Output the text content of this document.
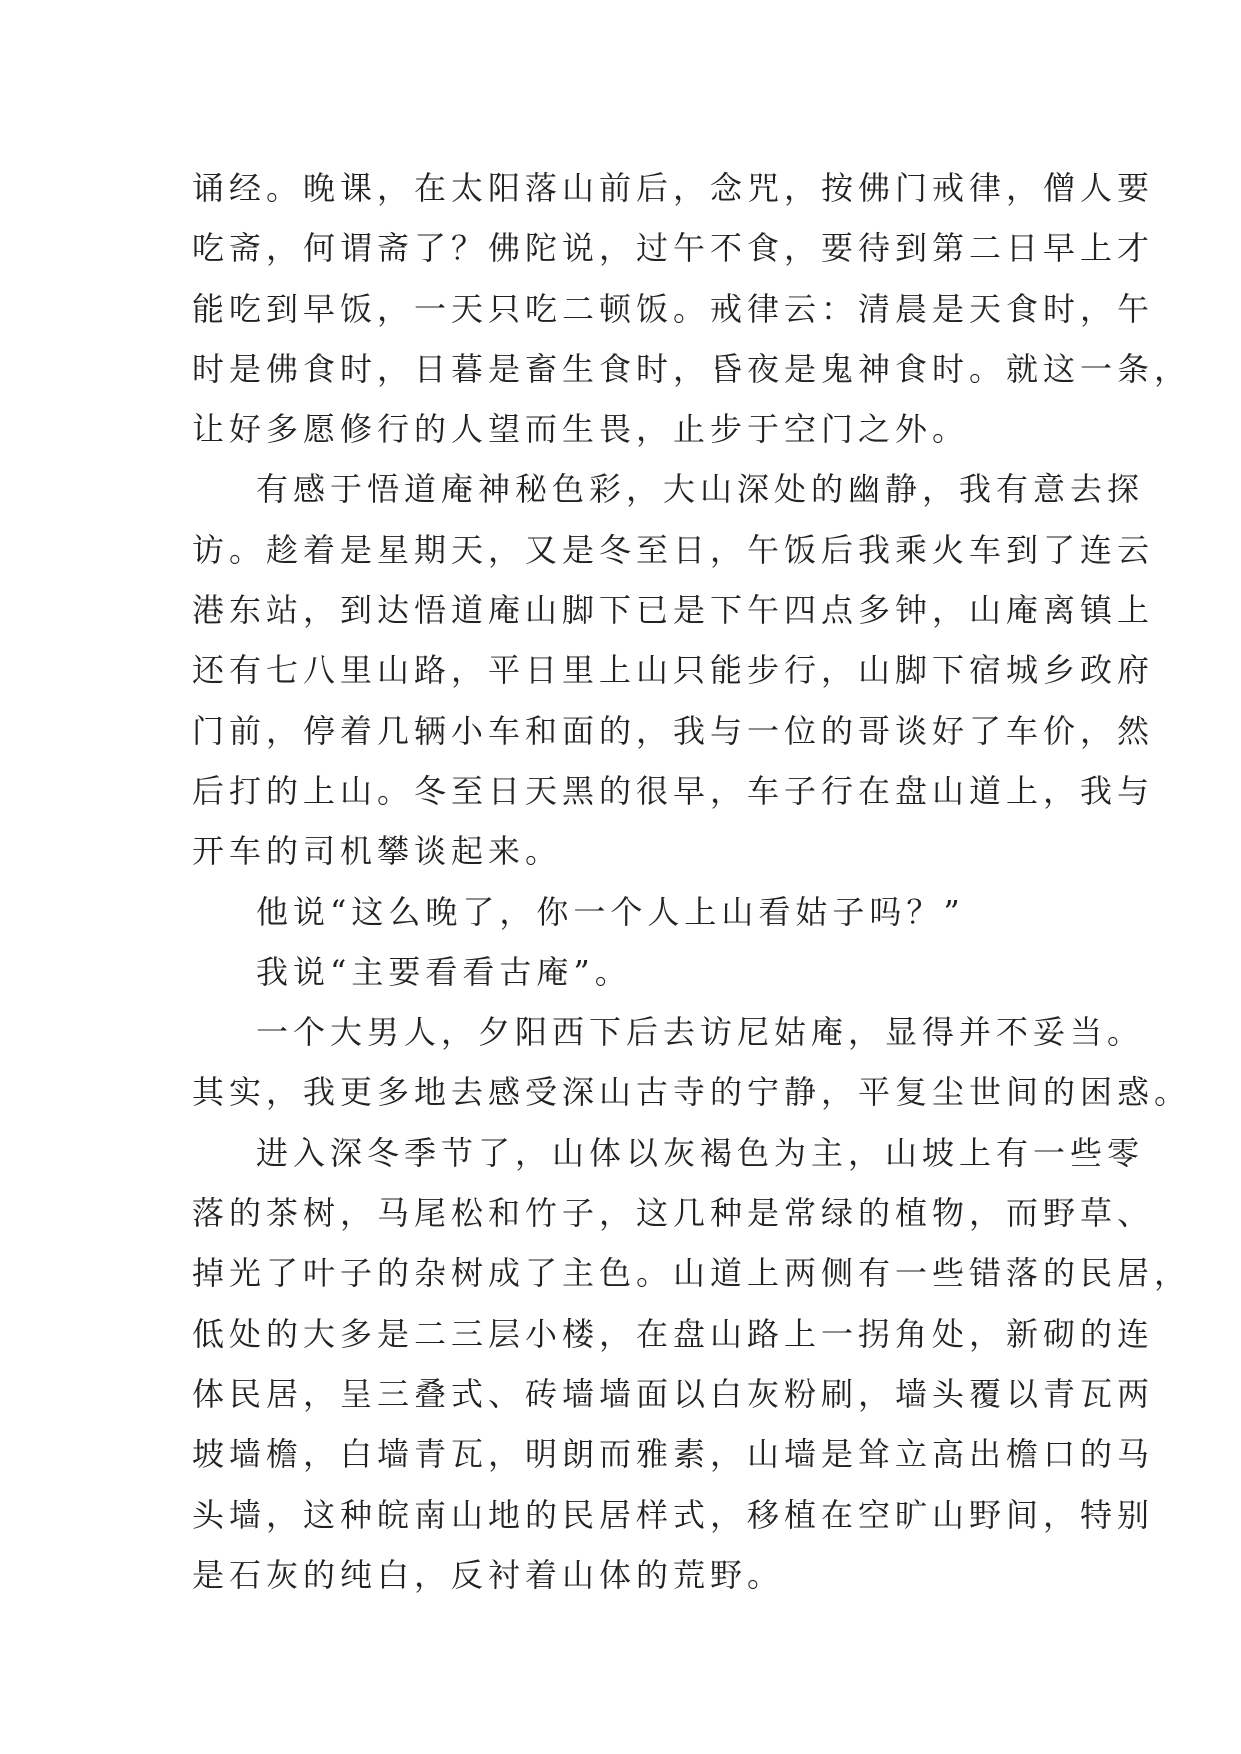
诵经。晚课，在太阳落山前后，念咒，按佛门戒律，僧人要
吃斋，何谓斋了？佛陀说，过午不食，要待到第二日早上才
能吃到早饭，一天只吃二顿饭。戒律云：清晨是天食时，午
时是佛食时，日暮是畜生食时，昏夜是鬼神食时。就这一条，
让好多愿修行的人望而生畏，止步于空门之外。
有感于悟道庵神秘色彩，大山深处的幽静，我有意去探
访。趁着是星期天，又是冬至日，午饭后我乘火车到了连云
港东站，到达悟道庵山脚下已是下午四点多钟，山庵离镇上
还有七八里山路，平日里上山只能步行，山脚下宿城乡政府
门前，停着几辆小车和面的，我与一位的哥谈好了车价，然
后打的上山。冬至日天黑的很早，车子行在盘山道上，我与
开车的司机攀谈起来。
他说“这么晚了，你一个人上山看姑子吗？”
我说“主要看看古庵”。
一个大男人，夕阳西下后去访尼姑庵，显得并不妥当。
其实，我更多地去感受深山古寺的宁静，平复尘世间的困惑。
进入深冬季节了，山体以灰褐色为主，山坡上有一些零
落的茶树，马尾松和竹子，这几种是常绿的植物，而野草、
掉光了叶子的杂树成了主色。山道上两侧有一些错落的民居，
低处的大多是二三层小楼，在盘山路上一拐角处，新砌的连
体民居，呈三叠式、砖墙墙面以白灰粉刷，墙头覆以青瓦两
坡墙檐，白墙青瓦，明朗而雅素，山墙是耸立高出檐口的马
头墙，这种皖南山地的民居样式，移植在空旷山野间，特别
是石灰的纯白，反衬着山体的荒野。
